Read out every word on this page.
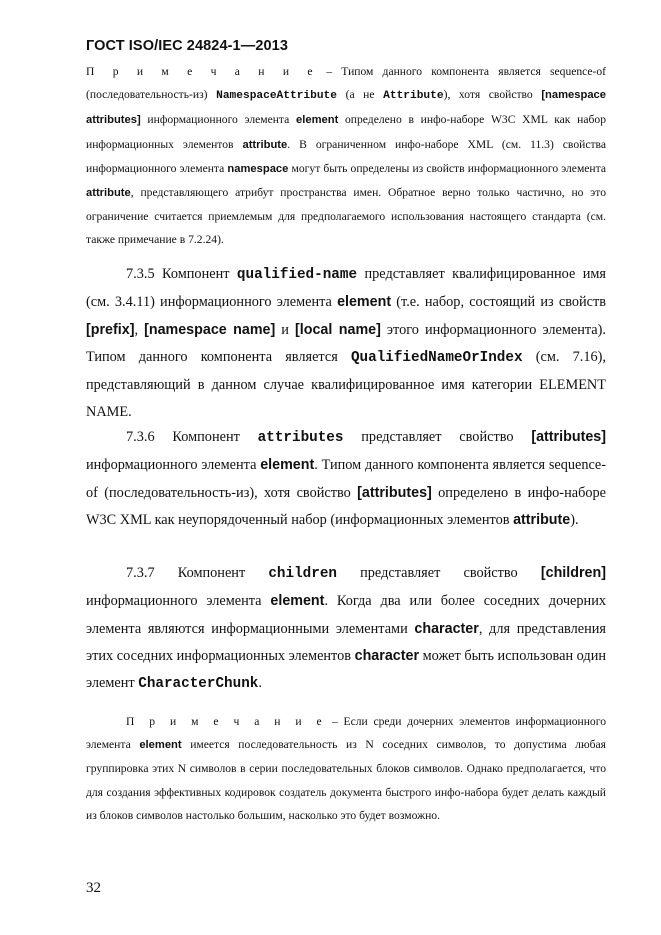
ГОСТ ISO/IEC 24824-1—2013

П р и м е ч а н и е – Типом данного компонента является sequence-of (последовательность-из) NamespaceAttribute (а не Attribute), хотя свойство [namespace attributes] информационного элемента element определено в инфо-наборе W3C XML как набор информационных элементов attribute. В ограниченном инфо-наборе XML (см. 11.3) свойства информационного элемента namespace могут быть определены из свойств информационного элемента attribute, представляющего атрибут пространства имен. Обратное верно только частично, но это ограничение считается приемлемым для предполагаемого использования настоящего стандарта (см. также примечание в 7.2.24).

7.3.5 Компонент qualified-name представляет квалифицированное имя (см. 3.4.11) информационного элемента element (т.е. набор, состоящий из свойств [prefix], [namespace name] и [local name] этого информационного элемента). Типом данного компонента является QualifiedNameOrIndex (см. 7.16), представляющий в данном случае квалифицированное имя категории ELEMENT NAME.

7.3.6 Компонент attributes представляет свойство [attributes] информационного элемента element. Типом данного компонента является sequence-of (последовательность-из), хотя свойство [attributes] определено в инфо-наборе W3C XML как неупорядоченный набор (информационных элементов attribute).

7.3.7 Компонент children представляет свойство [children] информационного элемента element. Когда два или более соседних дочерних элемента являются информационными элементами character, для представления этих соседних информационных элементов character может быть использован один элемент CharacterChunk.

П р и м е ч а н и е – Если среди дочерних элементов информационного элемента element имеется последовательность из N соседних символов, то допустима любая группировка этих N символов в серии последовательных блоков символов. Однако предполагается, что для создания эффективных кодировок создатель документа быстрого инфо-набора будет делать каждый из блоков символов настолько большим, насколько это будет возможно.

32
